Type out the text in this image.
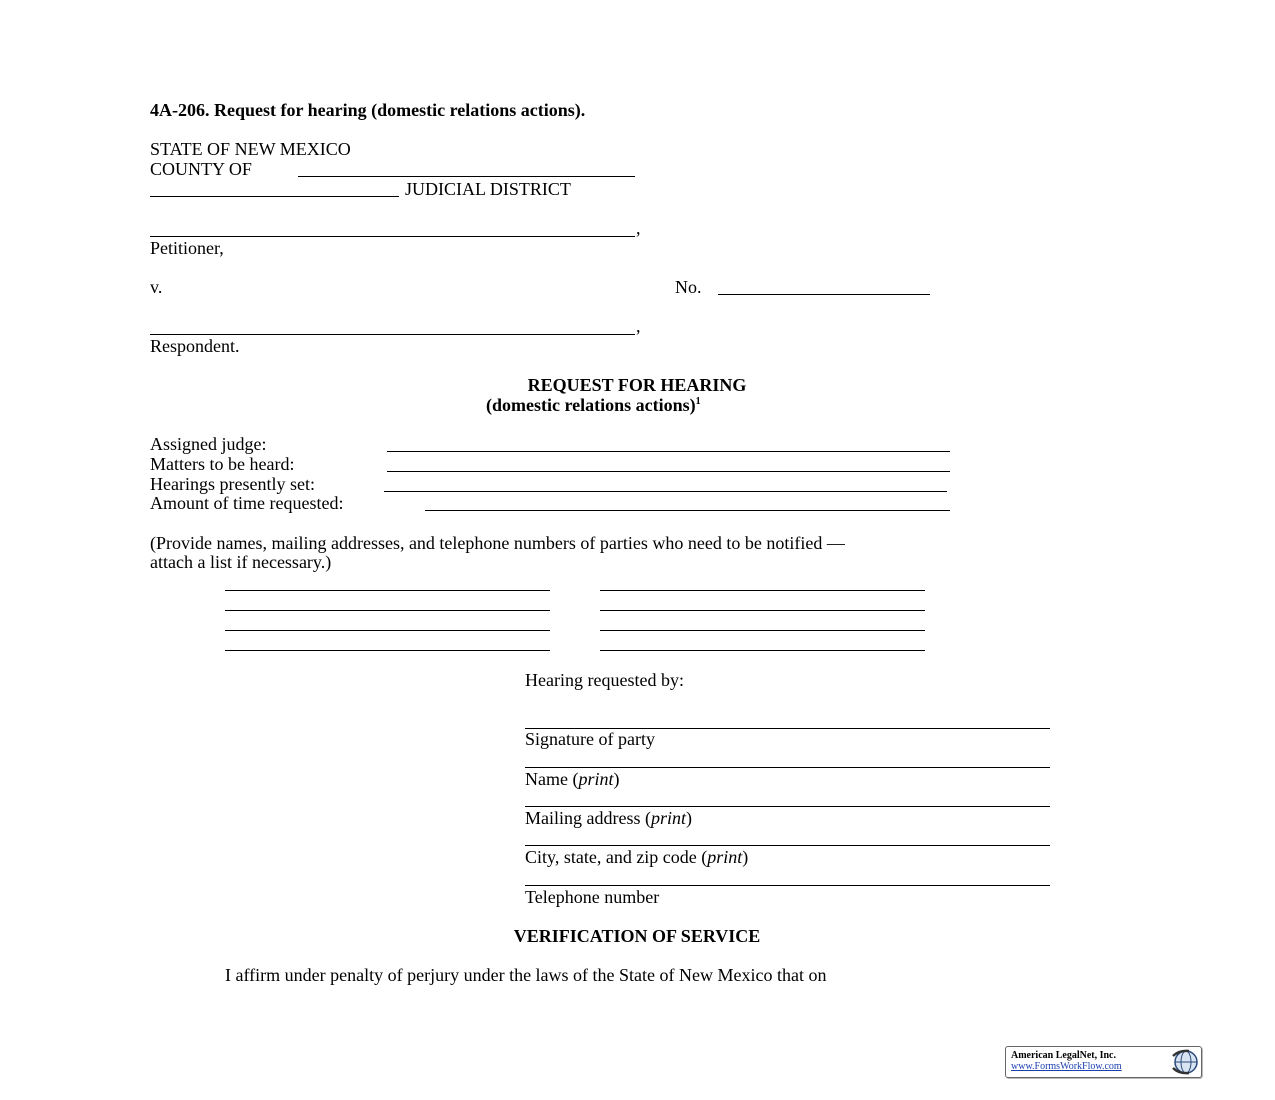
4A-206. Request for hearing (domestic relations actions).
STATE OF NEW MEXICO
COUNTY OF
JUDICIAL DISTRICT
,
Petitioner,
v.	No.
,
Respondent.
REQUEST FOR HEARING
(domestic relations actions)$^1$
Assigned judge:
Matters to be heard:
Hearings presently set:
Amount of time requested:
(Provide names, mailing addresses, and telephone numbers of parties who need to be notified —
attach a list if necessary.)
Hearing requested by:
Signature of party
Name (print)
Mailing address (print)
City, state, and zip code (print)
Telephone number
VERIFICATION OF SERVICE
I affirm under penalty of perjury under the laws of the State of New Mexico that on
American LegalNet, Inc.
www.FormsWorkFlow.com
